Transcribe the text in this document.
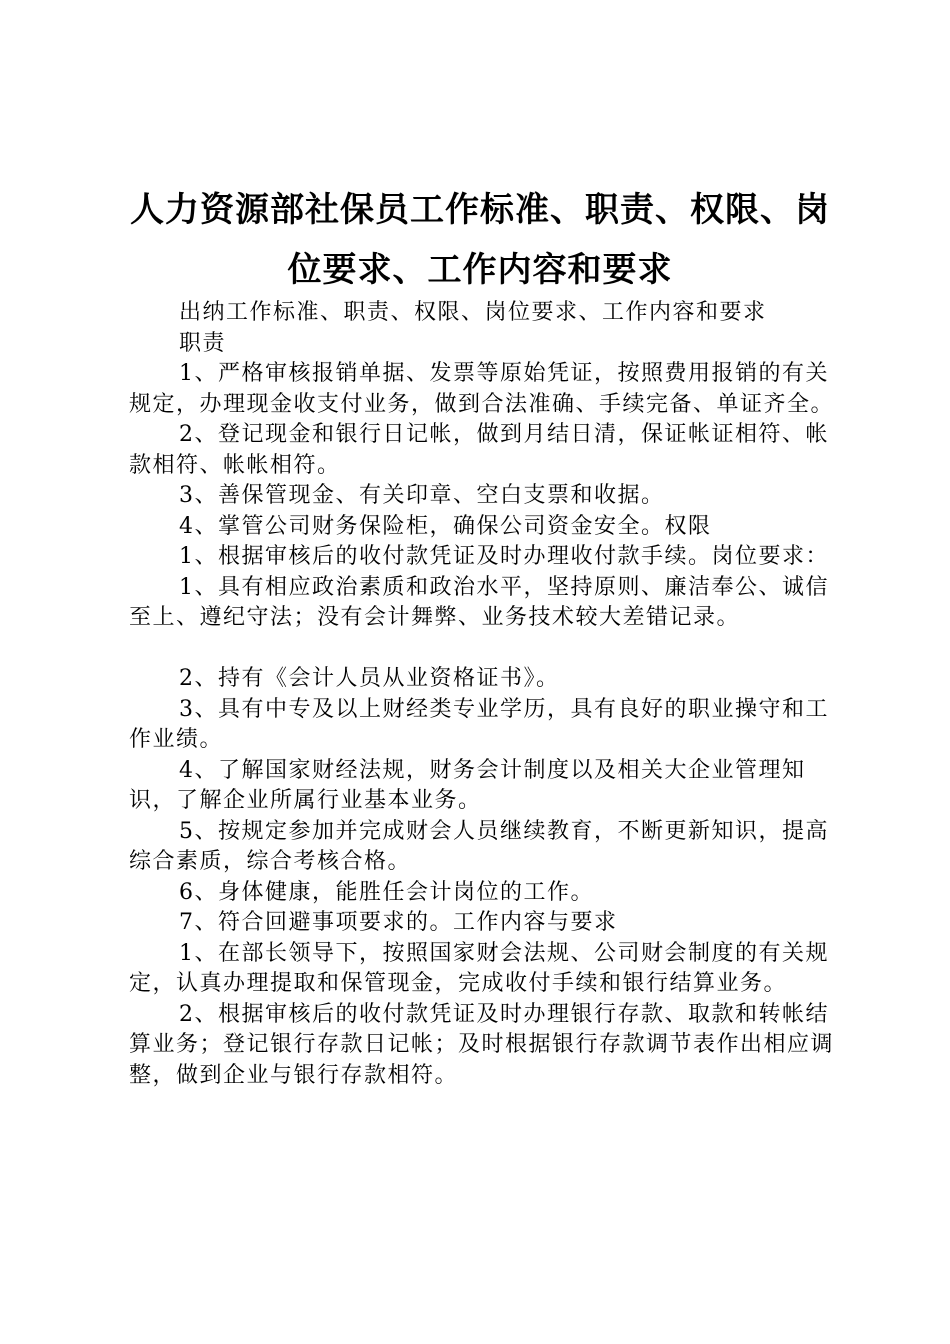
人力资源部社保员工作标准、职责、权限、岗
位要求、工作内容和要求

出纳工作标准、职责、权限、岗位要求、工作内容和要求

职责

1、严格审核报销单据、发票等原始凭证，按照费用报销的有关规定，办理现金收支付业务，做到合法准确、手续完备、单证齐全。

2、登记现金和银行日记帐，做到月结日清，保证帐证相符、帐款相符、帐帐相符。

3、善保管现金、有关印章、空白支票和收据。

4、掌管公司财务保险柜，确保公司资金安全。权限

1、根据审核后的收付款凭证及时办理收付款手续。岗位要求：

1、具有相应政治素质和政治水平，坚持原则、廉洁奉公、诚信至上、遵纪守法；没有会计舞弊、业务技术较大差错记录。

2、持有《会计人员从业资格证书》。

3、具有中专及以上财经类专业学历，具有良好的职业操守和工作业绩。

4、了解国家财经法规，财务会计制度以及相关大企业管理知识，了解企业所属行业基本业务。

5、按规定参加并完成财会人员继续教育，不断更新知识，提高综合素质，综合考核合格。

6、身体健康，能胜任会计岗位的工作。

7、符合回避事项要求的。工作内容与要求

1、在部长领导下，按照国家财会法规、公司财会制度的有关规定，认真办理提取和保管现金，完成收付手续和银行结算业务。

2、根据审核后的收付款凭证及时办理银行存款、取款和转帐结算业务；登记银行存款日记帐；及时根据银行存款调节表作出相应调整，做到企业与银行存款相符。
